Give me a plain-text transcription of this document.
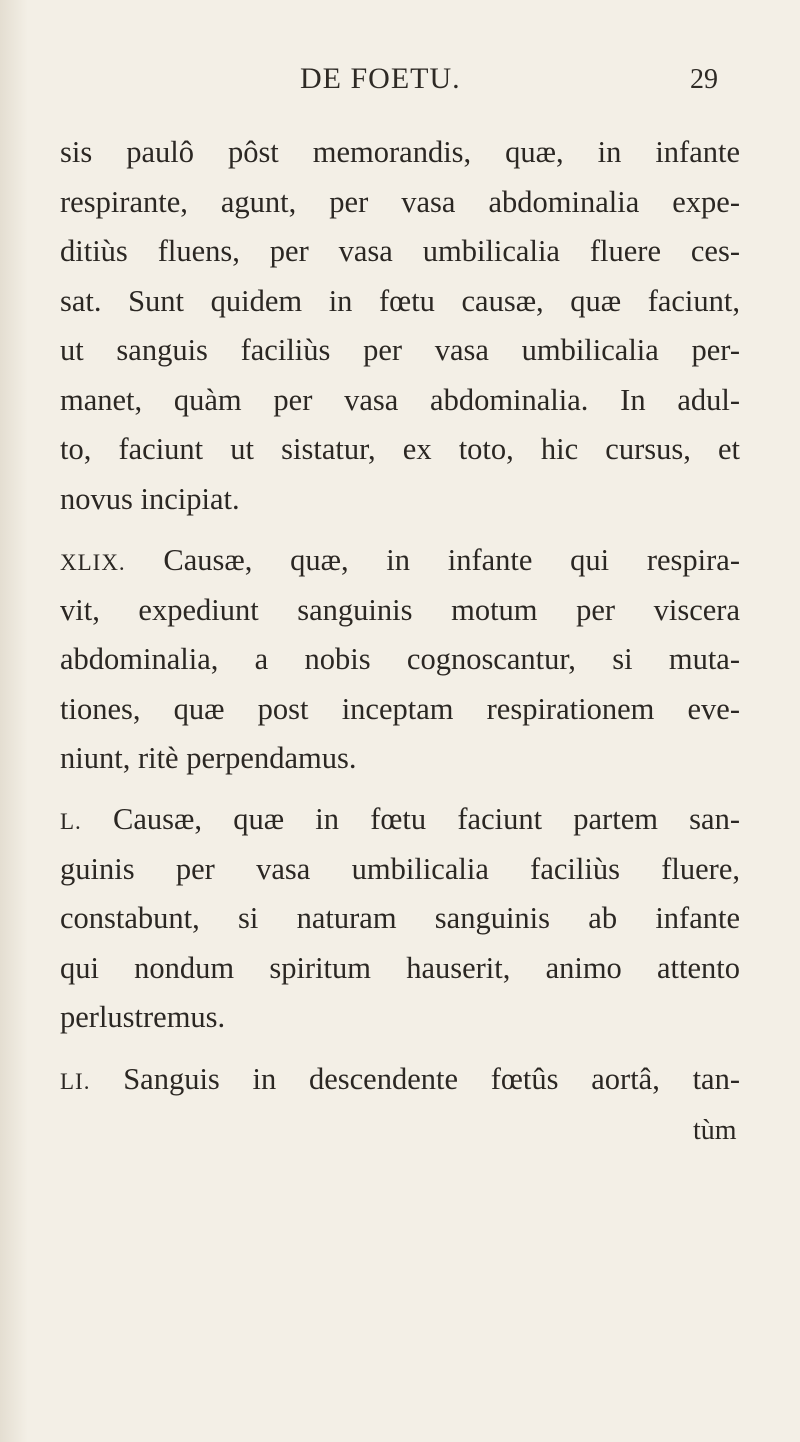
DE FOETU.	29
sis paulô pôst memorandis, quæ, in infante
respirante, agunt, per vasa abdominalia expe-
ditiùs fluens, per vasa umbilicalia fluere ces-
sat. Sunt quidem in fœtu causæ, quæ faciunt,
ut sanguis faciliùs per vasa umbilicalia per-
manet, quàm per vasa abdominalia. In adul-
to, faciunt ut sistatur, ex toto, hic cursus, et
novus incipiat.
XLIX. Causæ, quæ, in infante qui respira-
vit, expediunt sanguinis motum per viscera
abdominalia, a nobis cognoscantur, si muta-
tiones, quæ post inceptam respirationem eve-
niunt, ritè perpendamus.
L. Causæ, quæ in fœtu faciunt partem san-
guinis per vasa umbilicalia faciliùs fluere,
constabunt, si naturam sanguinis ab infante
qui nondum spiritum hauserit, animo attento
perlustremus.
LI. Sanguis in descendente fœtûs aortâ, tan-
tùm
